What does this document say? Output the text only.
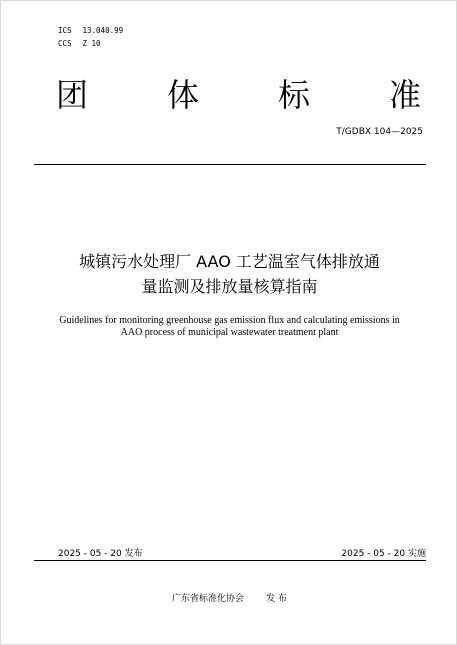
ICS 13.040.99
CCS Z 10
团 体 标 准
T/GDBX 104—2025
城镇污水处理厂 AAO 工艺温室气体排放通
量监测及排放量核算指南
Guidelines for monitoring greenhouse gas emission flux and calculating emissions in
AAO process of municipal wastewater treatment plant
2025 - 05 - 20 发布	2025 - 05 - 20 实施
广东省标准化协会 发 布
